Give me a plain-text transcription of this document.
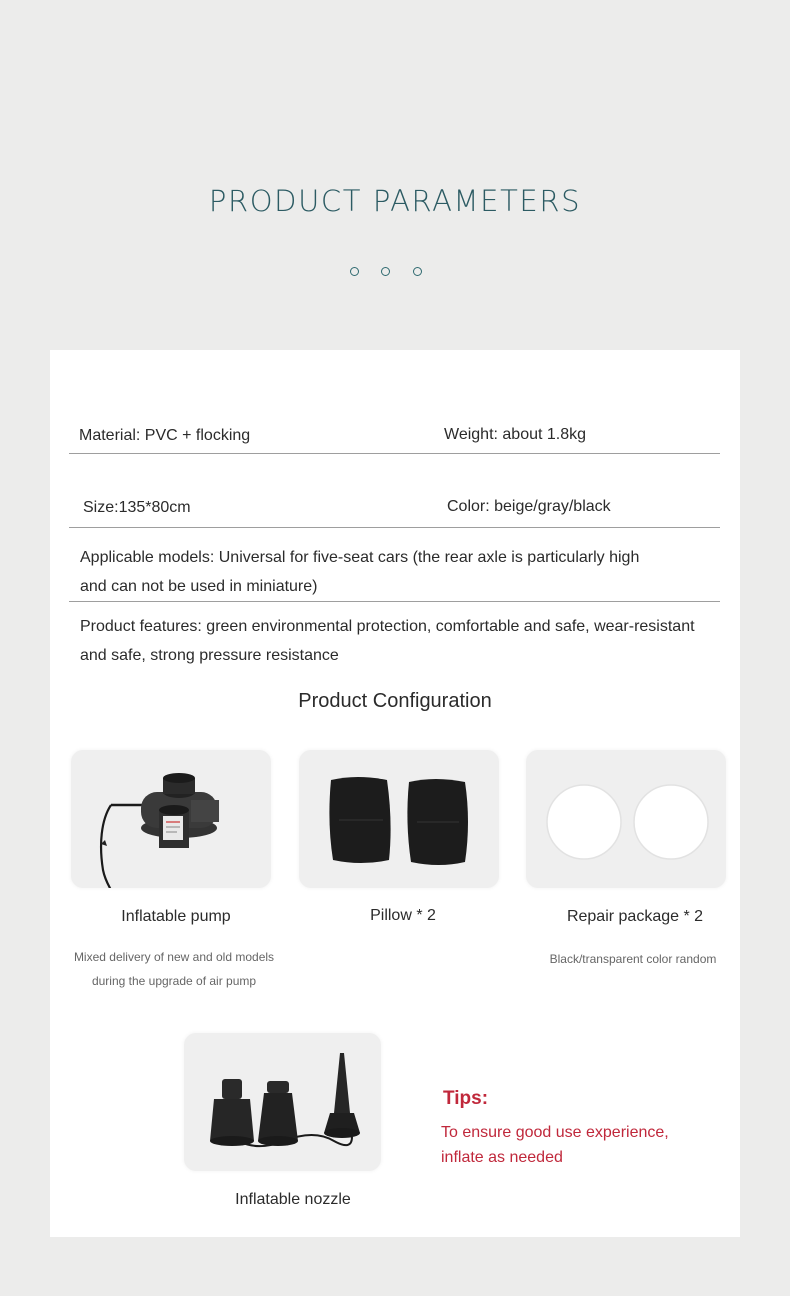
PRODUCT PARAMETERS
Material: PVC + flocking	Weight: about 1.8kg
Size:135*80cm	Color: beige/gray/black
Applicable models: Universal for five-seat cars (the rear axle is particularly high
and can not be used in miniature)
Product features: green environmental protection, comfortable and safe, wear-resistant
and safe, strong pressure resistance
Product Configuration
Inflatable pump
Mixed delivery of new and old models
during the upgrade of air pump
Pillow * 2	Repair package * 2
Black/transparent color random
Inflatable nozzle
Tips:
To ensure good use experience,
inflate as needed
